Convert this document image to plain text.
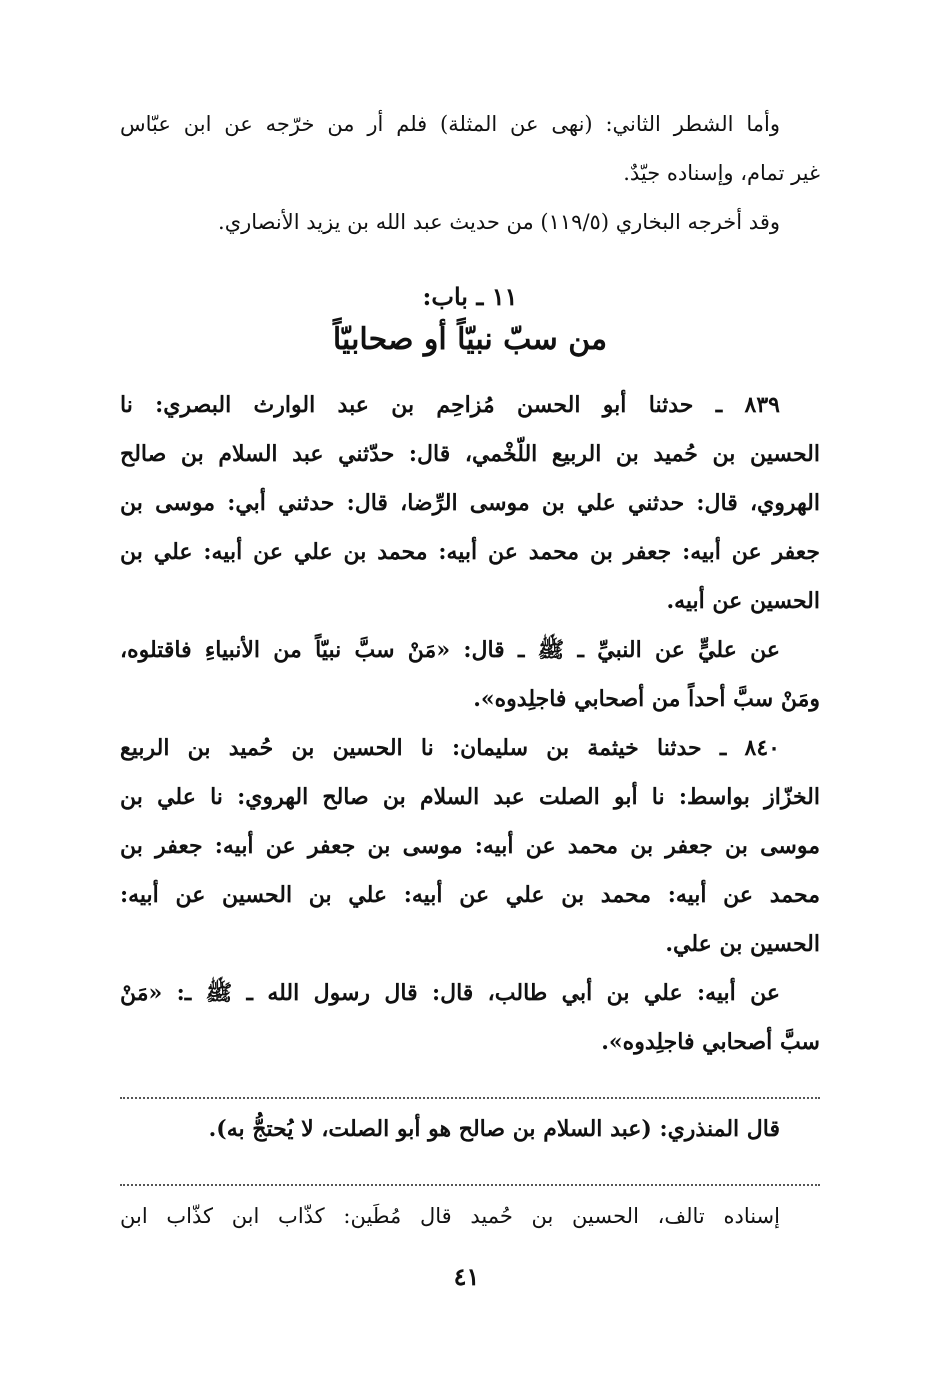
وأما الشطر الثاني: (نهى عن المثلة) فلم أر من خرّجه عن ابن عبّاس
غير تمام، وإسناده جيّدٌ.
وقد أخرجه البخاري (١١٩/٥) من حديث عبد الله بن يزيد الأنصاري.
١١ ـ باب:
من سبّ نبيّاً أو صحابيّاً
٨٣٩ ـ حدثنا أبو الحسن مُزاحِم بن عبد الوارث البصري: نا
الحسين بن حُميد بن الربيع اللّخْمي، قال: حدّثني عبد السلام بن صالح
الهروي، قال: حدثني علي بن موسى الرِّضا، قال: حدثني أبي: موسى بن
جعفر عن أبيه: جعفر بن محمد عن أبيه: محمد بن علي عن أبيه: علي بن
الحسين عن أبيه.
عن عليٍّ عن النبيِّ ـ ﷺ ـ قال: «مَنْ سبَّ نبيّاً من الأنبياءِ فاقتلوه،
ومَنْ سبَّ أحداً من أصحابي فاجلِدوه».
٨٤٠ ـ حدثنا خيثمة بن سليمان: نا الحسين بن حُميد بن الربيع
الخزّاز بواسط: نا أبو الصلت عبد السلام بن صالح الهروي: نا علي بن
موسى بن جعفر بن محمد عن أبيه: موسى بن جعفر عن أبيه: جعفر بن
محمد عن أبيه: محمد بن علي عن أبيه: علي بن الحسين عن أبيه:
الحسين بن علي.
عن أبيه: علي بن أبي طالب، قال: قال رسول الله ـ ﷺ ـ: «مَنْ
سبَّ أصحابي فاجلِدوه».
قال المنذري: (عبد السلام بن صالح هو أبو الصلت، لا يُحتجُّ به).
إسناده تالف، الحسين بن حُميد قال مُطَين: كذّاب ابن كذّاب ابن
٤١
